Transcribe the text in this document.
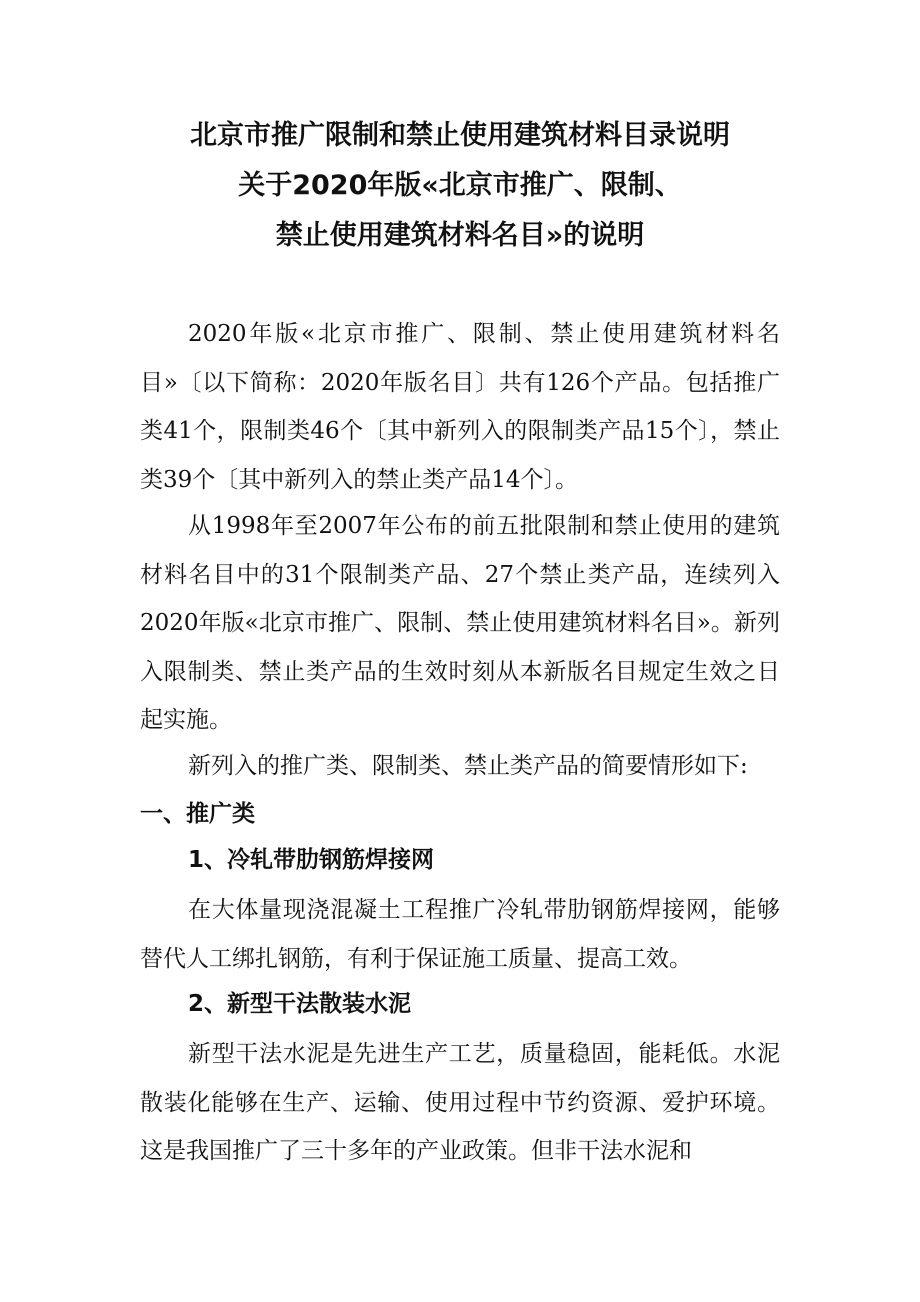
北京市推广限制和禁止使用建筑材料目录说明
关于2020年版«北京市推广、限制、
禁止使用建筑材料名目»的说明
2020年版«北京市推广、限制、禁止使用建筑材料名目»〔以下简称：2020年版名目〕共有126个产品。包括推广类41个，限制类46个〔其中新列入的限制类产品15个〕，禁止类39个〔其中新列入的禁止类产品14个〕。
从1998年至2007年公布的前五批限制和禁止使用的建筑材料名目中的31个限制类产品、27个禁止类产品，连续列入2020年版«北京市推广、限制、禁止使用建筑材料名目»。新列入限制类、禁止类产品的生效时刻从本新版名目规定生效之日起实施。
新列入的推广类、限制类、禁止类产品的简要情形如下:
一、推广类
1、冷轧带肋钢筋焊接网
在大体量现浇混凝土工程推广冷轧带肋钢筋焊接网，能够替代人工绑扎钢筋，有利于保证施工质量、提高工效。
2、新型干法散装水泥
新型干法水泥是先进生产工艺，质量稳固，能耗低。水泥散装化能够在生产、运输、使用过程中节约资源、爱护环境。这是我国推广了三十多年的产业政策。但非干法水泥和
